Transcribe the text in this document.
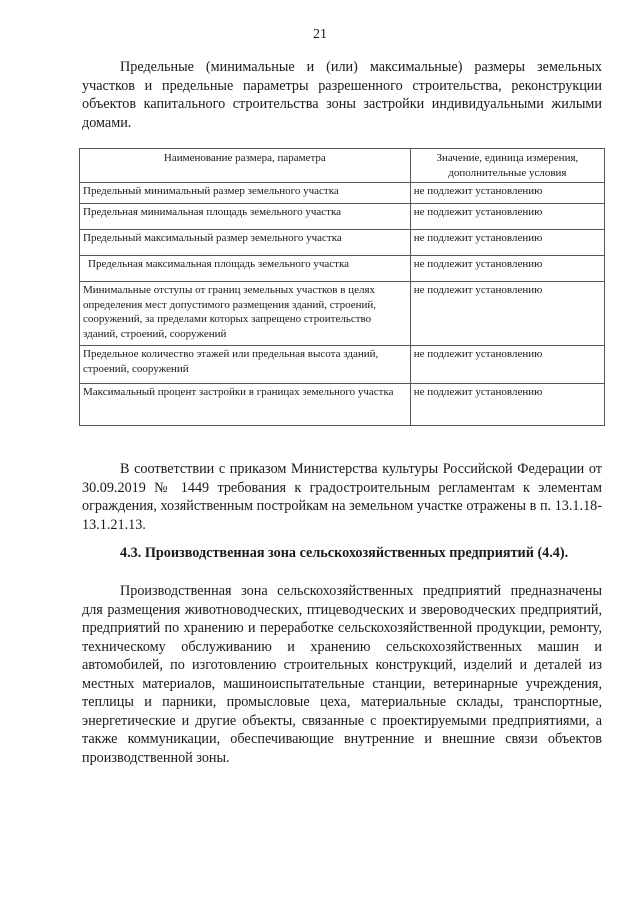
21

Предельные (минимальные и (или) максимальные) размеры земельных участков и предельные параметры разрешенного строительства, реконструкции объектов капитального строительства зоны застройки индивидуальными жилыми домами.

Наименование размера, параметра	Значение, единица измерения, дополнительные условия
Предельный минимальный размер земельного участка	не подлежит установлению
Предельная минимальная площадь земельного участка	не подлежит установлению
Предельный максимальный размер земельного участка	не подлежит установлению
Предельная максимальная площадь земельного участка	не подлежит установлению
Минимальные отступы от границ земельных участков в целях определения мест допустимого размещения зданий, строений, сооружений, за пределами которых запрещено строительство зданий, строений, сооружений	не подлежит установлению
Предельное количество этажей или предельная высота зданий, строений, сооружений	не подлежит установлению
Максимальный процент застройки в границах земельного участка	не подлежит установлению

В соответствии с приказом Министерства культуры Российской Федерации от 30.09.2019 № 1449 требования к градостроительным регламентам к элементам ограждения, хозяйственным постройкам на земельном участке отражены в п. 13.1.18-13.1.21.13.

4.3. Производственная зона сельскохозяйственных предприятий (4.4).

Производственная зона сельскохозяйственных предприятий предназначены для размещения животноводческих, птицеводческих и звероводческих предприятий, предприятий по хранению и переработке сельскохозяйственной продукции, ремонту, техническому обслуживанию и хранению сельскохозяйственных машин и автомобилей, по изготовлению строительных конструкций, изделий и деталей из местных материалов, машиноиспытательные станции, ветеринарные учреждения, теплицы и парники, промысловые цеха, материальные склады, транспортные, энергетические и другие объекты, связанные с проектируемыми предприятиями, а также коммуникации, обеспечивающие внутренние и внешние связи объектов производственной зоны.
